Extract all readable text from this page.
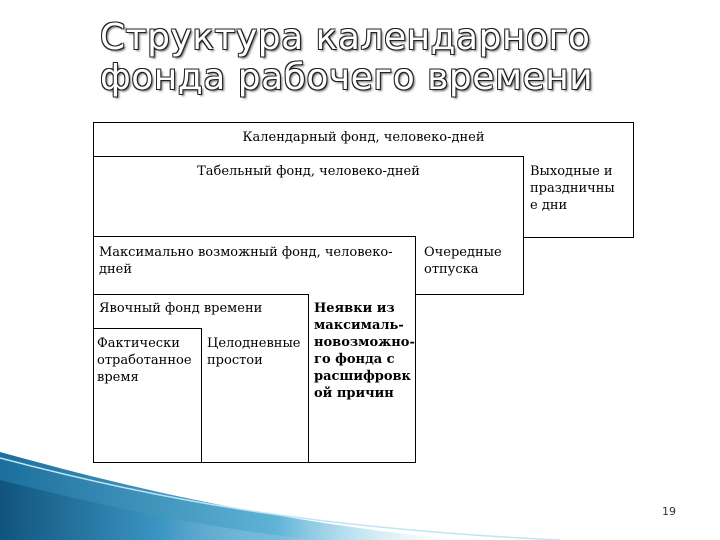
Структура календарного
фонда рабочего времени
Календарный фонд, человеко-дней
Табельный фонд, человеко-дней	Выходные и
праздничны
е дни
Максимально возможный фонд, человеко-
дней
Очередные
отпуска
Явочный фонд времени	Неявки из
максималь-
новозможно-
го фонда с
расшифровк
ой причин
Фактически
отработанное
время
Целодневные
простои
19
